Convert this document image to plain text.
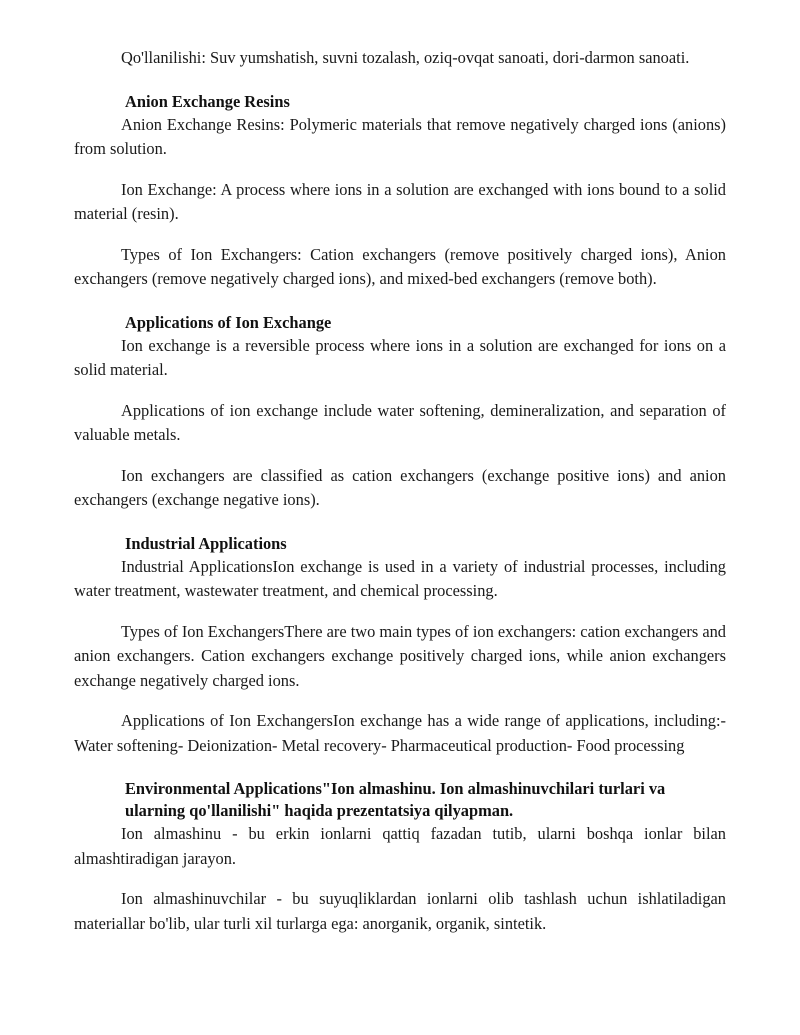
Qo'llanilishi: Suv yumshatish, suvni tozalash, oziq-ovqat sanoati, dori-darmon sanoati.

Anion Exchange Resins

Anion Exchange Resins: Polymeric materials that remove negatively charged ions (anions) from solution.

Ion Exchange: A process where ions in a solution are exchanged with ions bound to a solid material (resin).

Types of Ion Exchangers: Cation exchangers (remove positively charged ions), Anion exchangers (remove negatively charged ions), and mixed-bed exchangers (remove both).

Applications of Ion Exchange

Ion exchange is a reversible process where ions in a solution are exchanged for ions on a solid material.

Applications of ion exchange include water softening, demineralization, and separation of valuable metals.

Ion exchangers are classified as cation exchangers (exchange positive ions) and anion exchangers (exchange negative ions).

Industrial Applications

Industrial ApplicationsIon exchange is used in a variety of industrial processes, including water treatment, wastewater treatment, and chemical processing.

Types of Ion ExchangersThere are two main types of ion exchangers: cation exchangers and anion exchangers. Cation exchangers exchange positively charged ions, while anion exchangers exchange negatively charged ions.

Applications of Ion ExchangersIon exchange has a wide range of applications, including:- Water softening- Deionization- Metal recovery- Pharmaceutical production- Food processing

Environmental Applications"Ion almashinu. Ion almashinuvchilari turlari va ularning qo'llanilishi" haqida prezentatsiya qilyapman.

Ion almashinu - bu erkin ionlarni qattiq fazadan tutib, ularni boshqa ionlar bilan almashtiradigan jarayon.

Ion almashinuvchilar - bu suyuqliklardan ionlarni olib tashlash uchun ishlatiladigan materiallar bo'lib, ular turli xil turlarga ega: anorganik, organik, sintetik.
